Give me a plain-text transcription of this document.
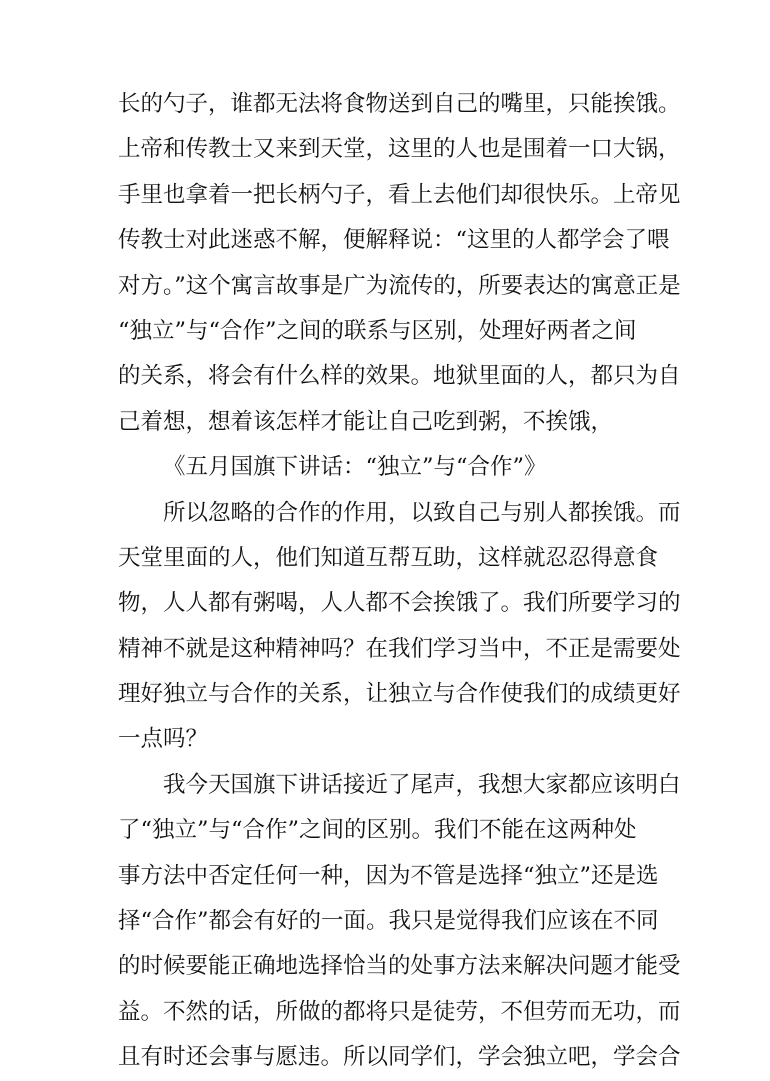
长的勺子，谁都无法将食物送到自己的嘴里，只能挨饿。
上帝和传教士又来到天堂，这里的人也是围着一口大锅，
手里也拿着一把长柄勺子，看上去他们却很快乐。上帝见
传教士对此迷惑不解，便解释说：“这里的人都学会了喂
对方。”这个寓言故事是广为流传的，所要表达的寓意正是
“独立”与“合作”之间的联系与区别，处理好两者之间
的关系，将会有什么样的效果。地狱里面的人，都只为自
己着想，想着该怎样才能让自己吃到粥，不挨饿，
《五月国旗下讲话：“独立”与“合作”》
所以忽略的合作的作用，以致自己与别人都挨饿。而
天堂里面的人，他们知道互帮互助，这样就忍忍得意食
物，人人都有粥喝，人人都不会挨饿了。我们所要学习的
精神不就是这种精神吗？在我们学习当中，不正是需要处
理好独立与合作的关系，让独立与合作使我们的成绩更好
一点吗？
我今天国旗下讲话接近了尾声，我想大家都应该明白
了“独立”与“合作”之间的区别。我们不能在这两种处
事方法中否定任何一种，因为不管是选择“独立”还是选
择“合作”都会有好的一面。我只是觉得我们应该在不同
的时候要能正确地选择恰当的处事方法来解决问题才能受
益。不然的话，所做的都将只是徒劳，不但劳而无功，而
且有时还会事与愿违。所以同学们，学会独立吧，学会合
